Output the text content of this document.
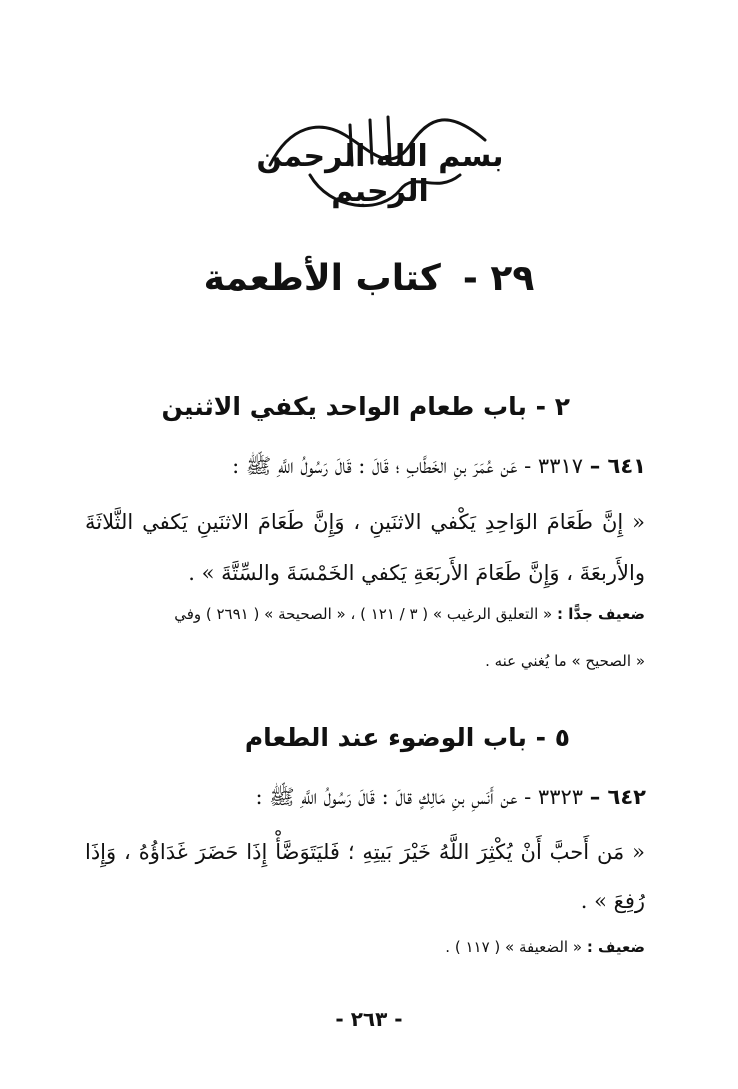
بسم الله الرحمن الرحيم
٢٩ -كتاب الأطعمة
٢ - باب طعام الواحد يكفي الاثنين
٦٤١ – ٣٣١٧ - عَن عُمَرَ بنِ الخَطَّابِ ؛ قَالَ : قَالَ رَسُولُ اللَّهِ ﷺ :
« إِنَّ طَعَامَ الوَاحِدِ يَكْفي الاثنَينِ ، وَإِنَّ طَعَامَ الاثنَينِ يَكفي الثَّلاثَةَ
والأَربعَةَ ، وَإِنَّ طَعَامَ الأَربَعَةِ يَكفي الخَمْسَةَ والسِّتَّةَ » .
ضعيف جدًّا : « التعليق الرغيب » ( ٣ / ١٢١ ) ، « الصحيحة » ( ٢٦٩١ ) وفي
« الصحيح » ما يُغني عنه .
٥ - باب الوضوء عند الطعام
٦٤٢ – ٣٣٢٣ - عن أَنَسِ بنِ مَالِكٍ قالَ : قَالَ رَسُولُ اللَّهِ ﷺ :
« مَن أَحبَّ أَنْ يُكْثِرَ اللَّهُ خَيْرَ بَيتِهِ ؛ فَليَتَوَضَّأْ إِذَا حَضَرَ غَدَاؤُهُ ، وَإِذَا
رُفِعَ » .
ضعيف : « الضعيفة » ( ١١٧ ) .
- ٢٦٣ -
